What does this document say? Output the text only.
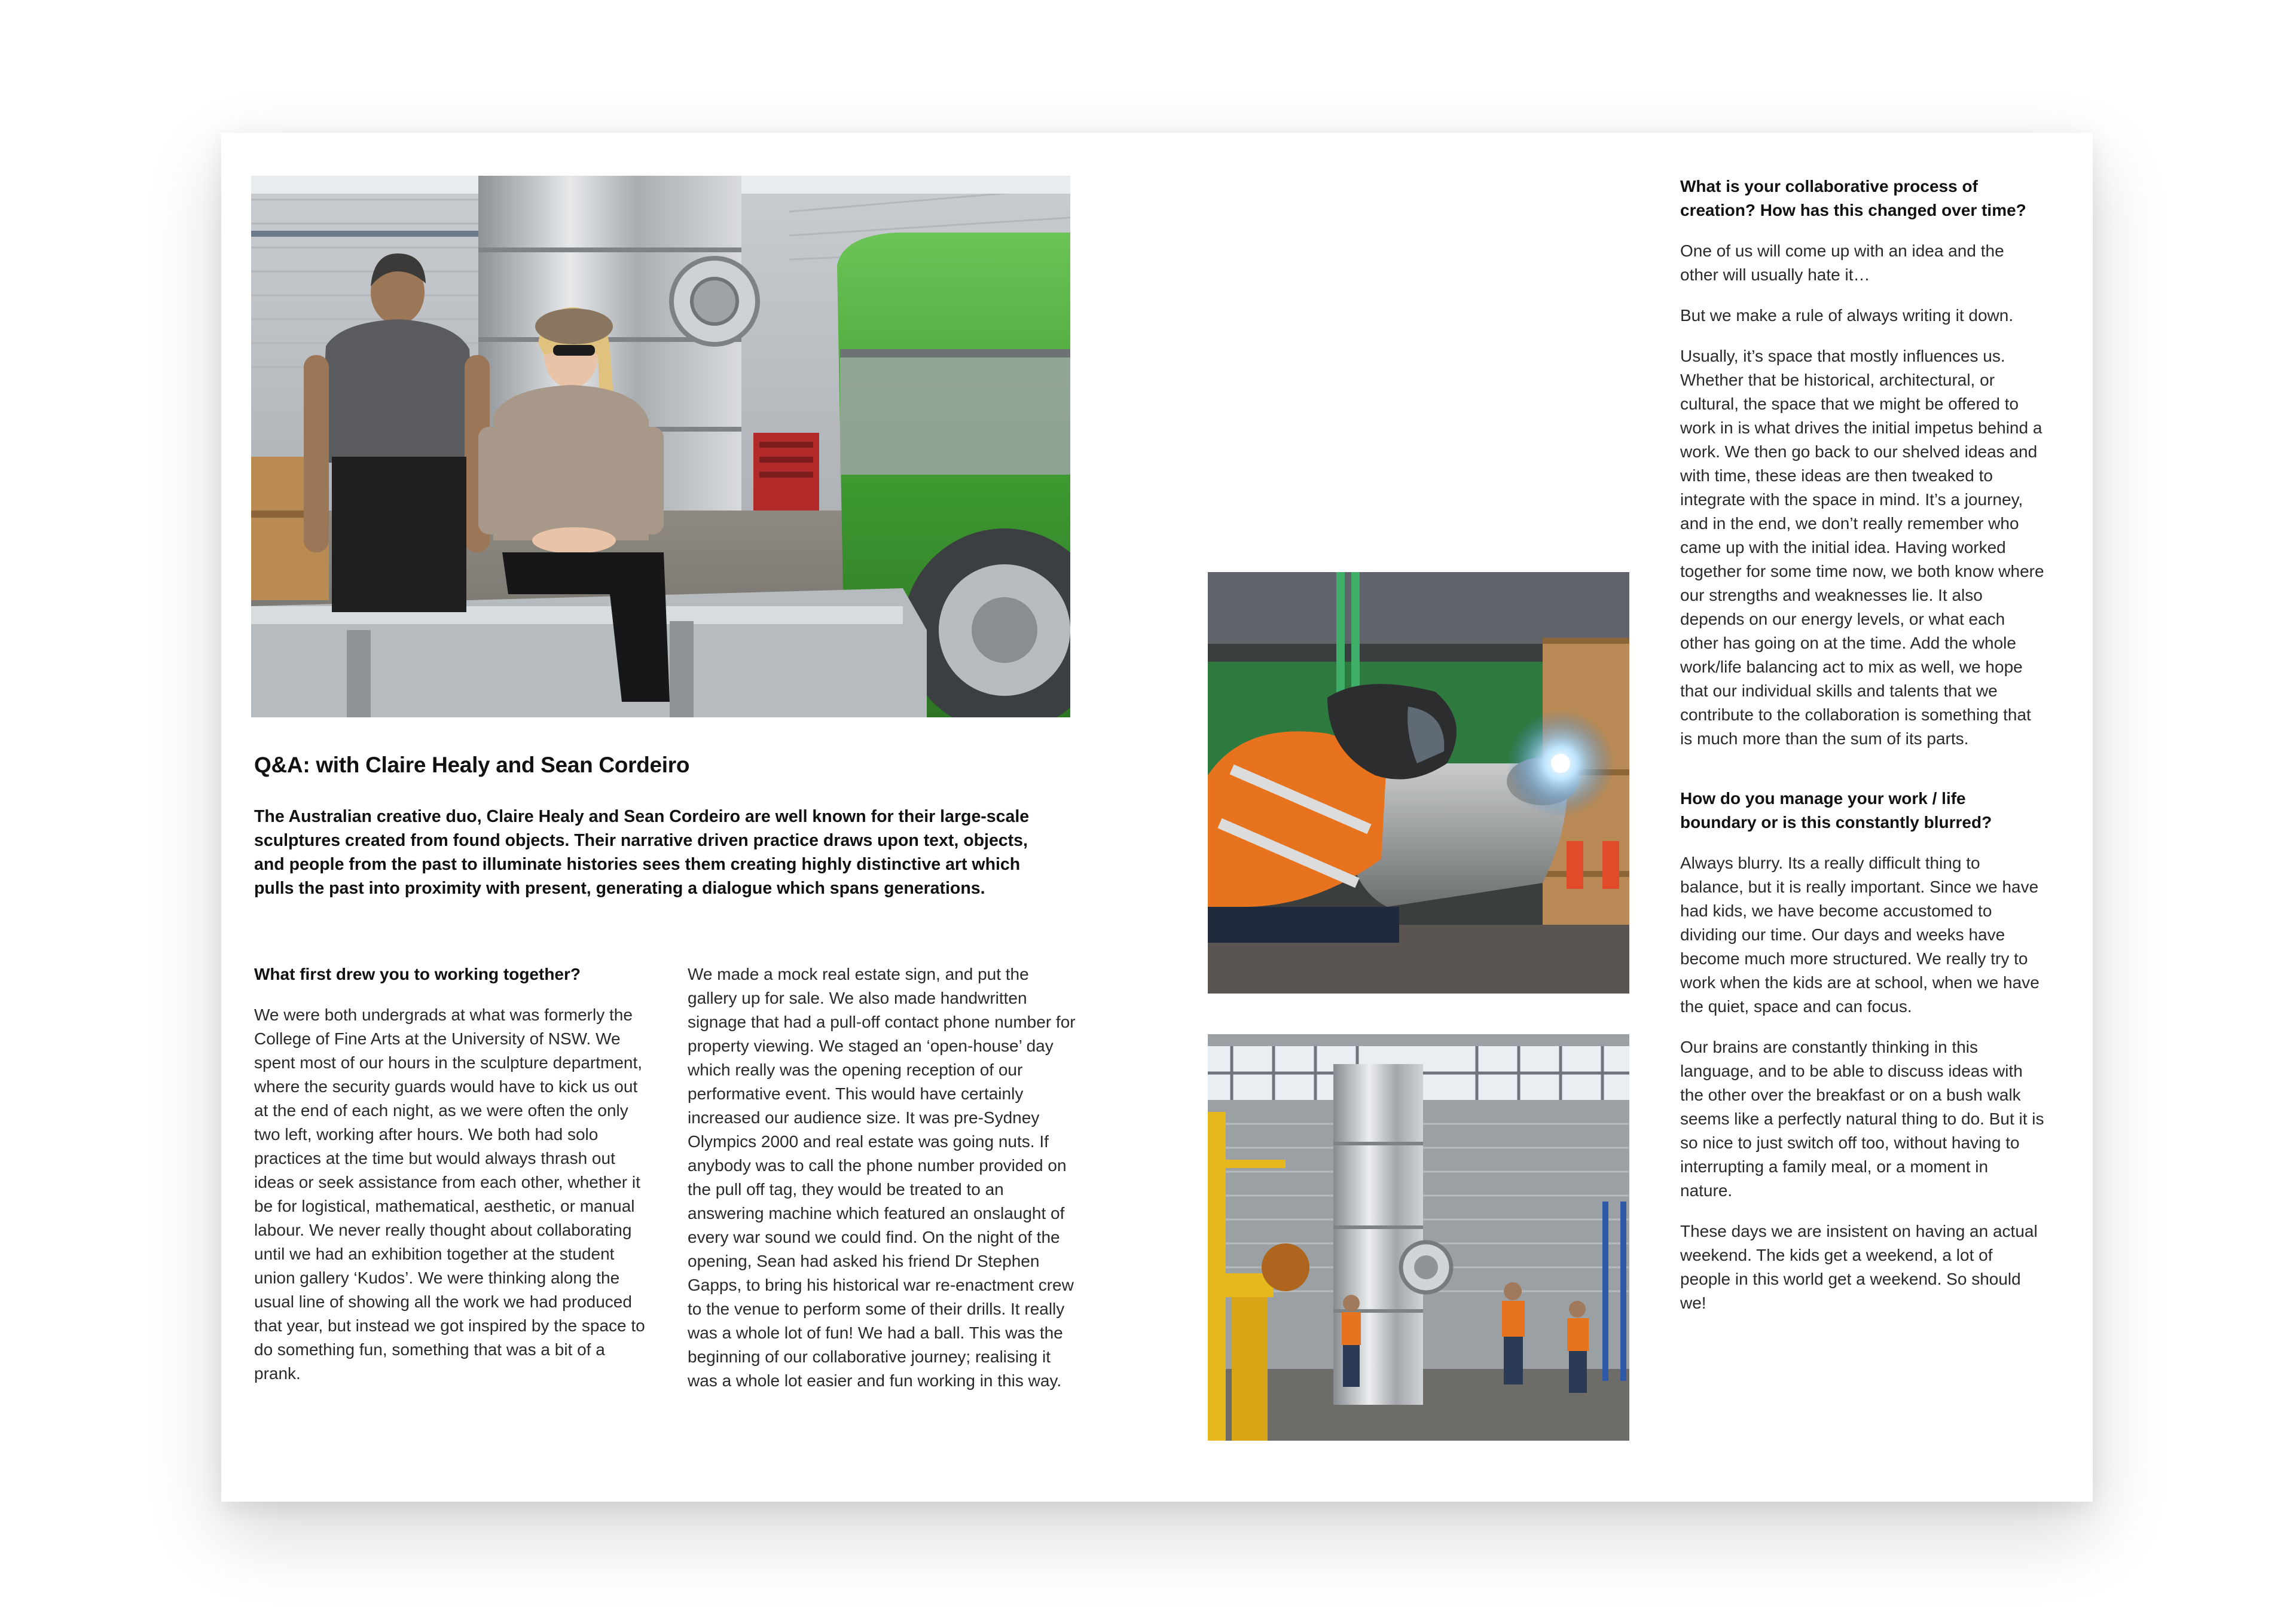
Q&A: with Claire Healy and Sean Cordeiro

The Australian creative duo, Claire Healy and Sean Cordeiro are well known for their large-scale sculptures created from found objects. Their narrative driven practice draws upon text, objects, and people from the past to illuminate histories sees them creating highly distinctive art which pulls the past into proximity with present, generating a dialogue which spans generations.

What first drew you to working together?

We were both undergrads at what was formerly the College of Fine Arts at the University of NSW. We spent most of our hours in the sculpture department, where the security guards would have to kick us out at the end of each night, as we were often the only two left, working after hours. We both had solo practices at the time but would always thrash out ideas or seek assistance from each other, whether it be for logistical, mathematical, aesthetic, or manual labour. We never really thought about collaborating until we had an exhibition together at the student union gallery ‘Kudos’. We were thinking along the usual line of showing all the work we had produced that year, but instead we got inspired by the space to do something fun, something that was a bit of a prank.

We made a mock real estate sign, and put the gallery up for sale. We also made handwritten signage that had a pull-off contact phone number for property viewing. We staged an ‘open-house’ day which really was the opening reception of our performative event. This would have certainly increased our audience size. It was pre-Sydney Olympics 2000 and real estate was going nuts. If anybody was to call the phone number provided on the pull off tag, they would be treated to an answering machine which featured an onslaught of every war sound we could find. On the night of the opening, Sean had asked his friend Dr Stephen Gapps, to bring his historical war re-enactment crew to the venue to perform some of their drills. It really was a whole lot of fun! We had a ball. This was the beginning of our collaborative journey; realising it was a whole lot easier and fun working in this way.

What is your collaborative process of creation? How has this changed over time?

One of us will come up with an idea and the other will usually hate it…

But we make a rule of always writing it down.

Usually, it’s space that mostly influences us. Whether that be historical, architectural, or cultural, the space that we might be offered to work in is what drives the initial impetus behind a work. We then go back to our shelved ideas and with time, these ideas are then tweaked to integrate with the space in mind. It’s a journey, and in the end, we don’t really remember who came up with the initial idea. Having worked together for some time now, we both know where our strengths and weaknesses lie. It also depends on our energy levels, or what each other has going on at the time. Add the whole work/life balancing act to mix as well, we hope that our individual skills and talents that we contribute to the collaboration is something that is much more than the sum of its parts.

How do you manage your work / life boundary or is this constantly blurred?

Always blurry. Its a really difficult thing to balance, but it is really important. Since we have had kids, we have become accustomed to dividing our time. Our days and weeks have become much more structured. We really try to work when the kids are at school, when we have the quiet, space and can focus.

Our brains are constantly thinking in this language, and to be able to discuss ideas with the other over the breakfast or on a bush walk seems like a perfectly natural thing to do. But it is so nice to just switch off too, without having to interrupting a family meal, or a moment in nature.

These days we are insistent on having an actual weekend. The kids get a weekend, a lot of people in this world get a weekend. So should we!
